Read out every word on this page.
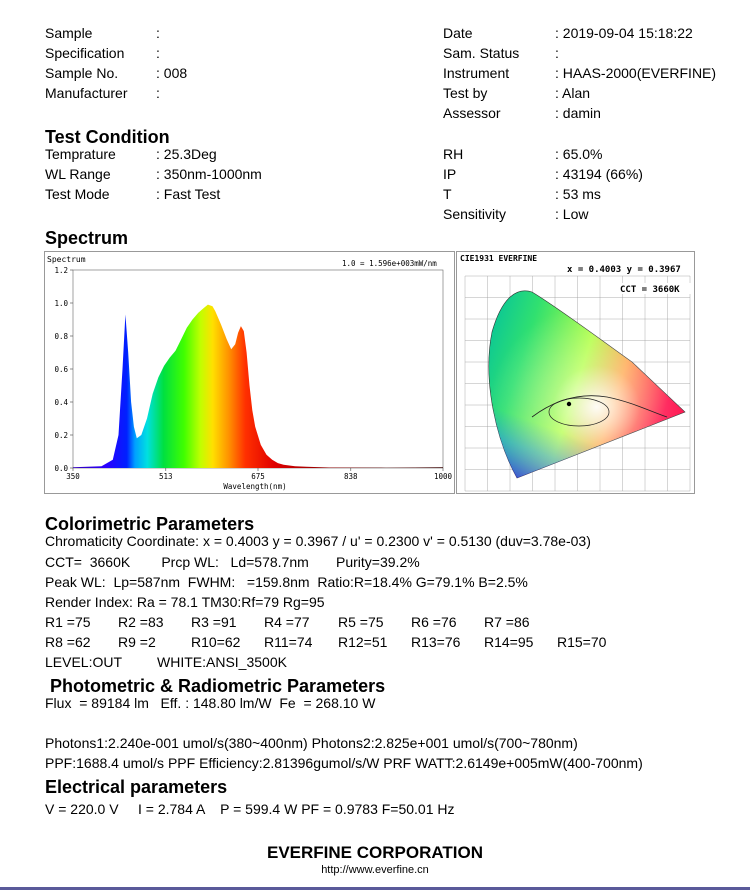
Sample	:
Specification :
Sample No.	: 008
Manufacturer :
Date	: 2019-09-04 15:18:22
Sam. Status	:
Instrument	: HAAS-2000(EVERFINE)
Test by	: Alan
Assessor	: damin
Test Condition
Temprature	: 25.3Deg
WL Range	: 350nm-1000nm
Test Mode	: Fast Test
RH	: 65.0%
IP	: 43194 (66%)
T	: 53 ms
Sensitivity	: Low
Spectrum
0.0
0.2
0.4
0.6
0.8
1.0
1.2
350	513	675	838	1000
Spectrum	1.0 = 1.596e+003mW/nm
Wavelength(nm)
CIE1931 EVERFINE
x = 0.4003 y = 0.3967
CCT = 3660K
Colorimetric Parameters
Chromaticity Coordinate: x = 0.4003 y = 0.3967 / u' = 0.2300 v' = 0.5130 (duv=3.78e-03)
CCT=  3660K        Prcp WL:   Ld=578.7nm       Purity=39.2%
Peak WL:  Lp=587nm  FWHM:   =159.8nm  Ratio:R=18.4% G=79.1% B=2.5%
Render Index: Ra = 78.1 TM30:Rf=79 Rg=95
R1 =75 R2 =83 R3 =91 R4 =77 R5 =75 R6 =76 R7 =86
R8 =62 R9 =2	R10=62 R11=74 R12=51 R13=76 R14=95 R15=70
LEVEL:OUT WHITE:ANSI_3500K
Photometric & Radiometric Parameters
Flux  = 89184 lm   Eff. : 148.80 lm/W  Fe  = 268.10 W
Photons1:2.240e-001 umol/s(380~400nm) Photons2:2.825e+001 umol/s(700~780nm)
PPF:1688.4 umol/s PPF Efficiency:2.81396gumol/s/W PRF WATT:2.6149e+005mW(400-700nm)
Electrical parameters
V = 220.0 V     I = 2.784 A    P = 599.4 W PF = 0.9783 F=50.01 Hz
EVERFINE CORPORATION
http://www.everfine.cn
